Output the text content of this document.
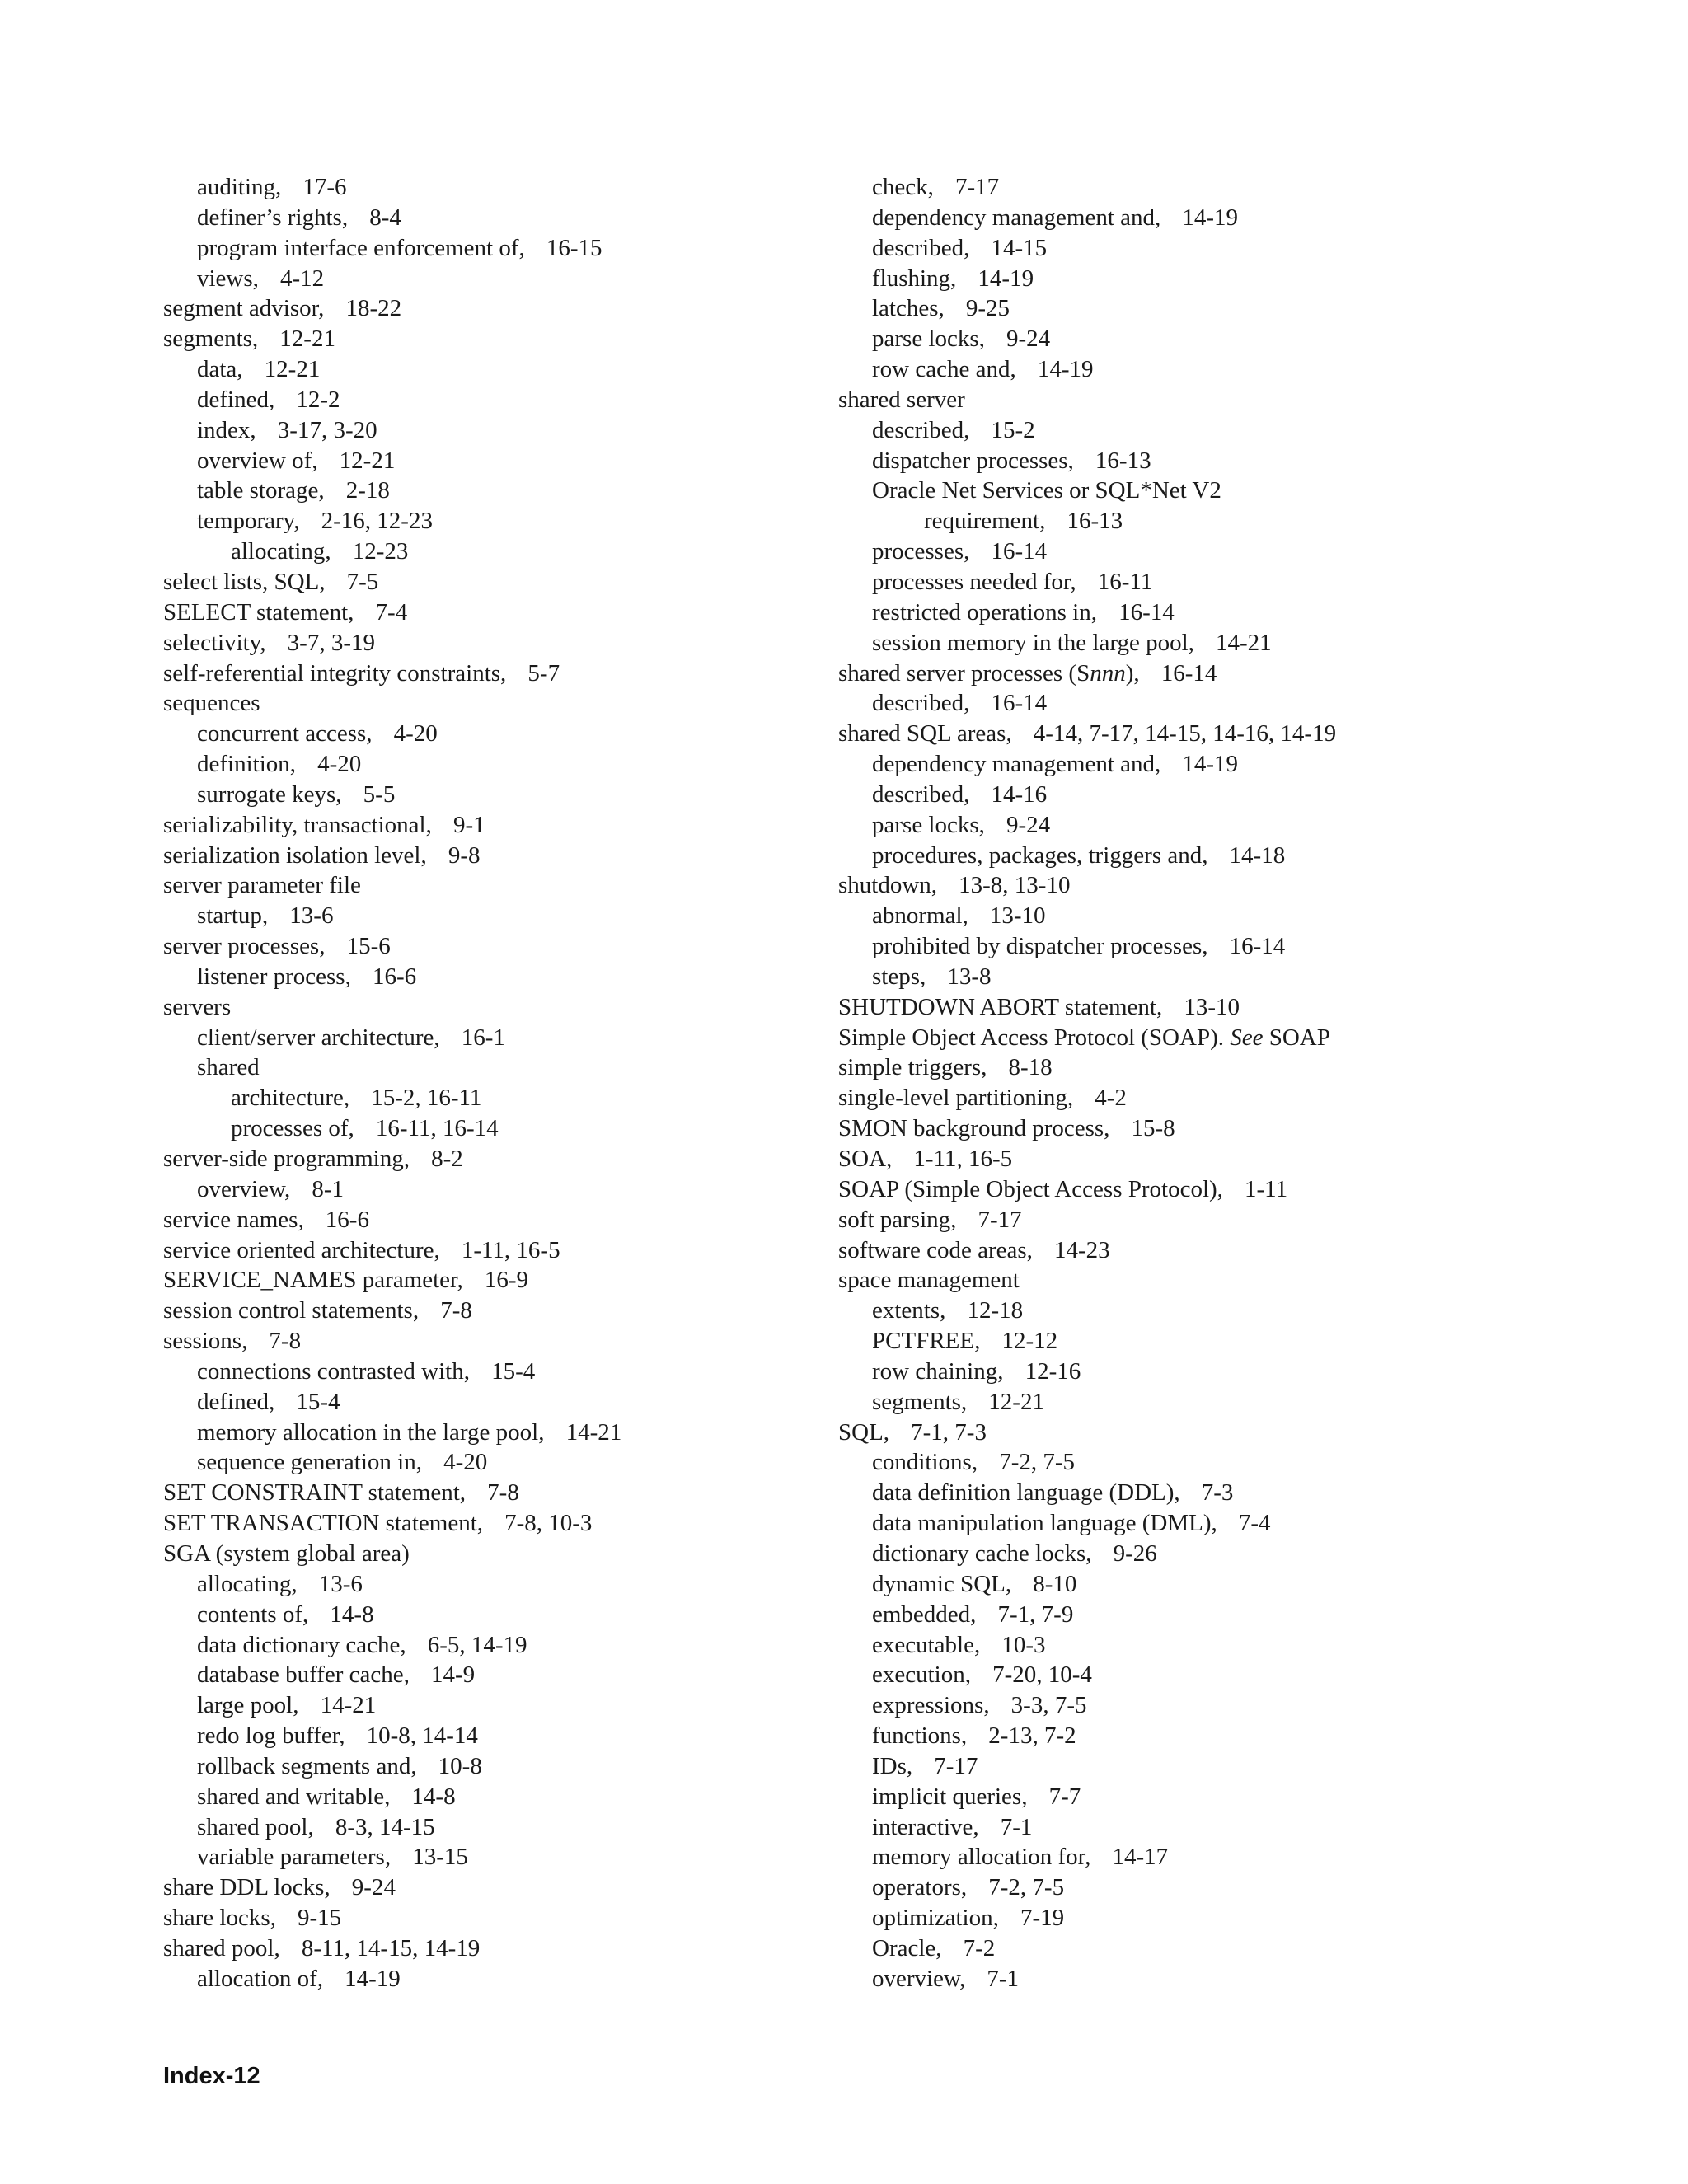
auditing, 17-6
definer’s rights, 8-4
program interface enforcement of, 16-15
views, 4-12
segment advisor, 18-22
segments, 12-21
data, 12-21
defined, 12-2
index, 3-17, 3-20
overview of, 12-21
table storage, 2-18
temporary, 2-16, 12-23
allocating, 12-23
select lists, SQL, 7-5
SELECT statement, 7-4
selectivity, 3-7, 3-19
self-referential integrity constraints, 5-7
sequences
concurrent access, 4-20
definition, 4-20
surrogate keys, 5-5
serializability, transactional, 9-1
serialization isolation level, 9-8
server parameter file
startup, 13-6
server processes, 15-6
listener process, 16-6
servers
client/server architecture, 16-1
shared
architecture, 15-2, 16-11
processes of, 16-11, 16-14
server-side programming, 8-2
overview, 8-1
service names, 16-6
service oriented architecture, 1-11, 16-5
SERVICE_NAMES parameter, 16-9
session control statements, 7-8
sessions, 7-8
connections contrasted with, 15-4
defined, 15-4
memory allocation in the large pool, 14-21
sequence generation in, 4-20
SET CONSTRAINT statement, 7-8
SET TRANSACTION statement, 7-8, 10-3
SGA (system global area)
allocating, 13-6
contents of, 14-8
data dictionary cache, 6-5, 14-19
database buffer cache, 14-9
large pool, 14-21
redo log buffer, 10-8, 14-14
rollback segments and, 10-8
shared and writable, 14-8
shared pool, 8-3, 14-15
variable parameters, 13-15
share DDL locks, 9-24
share locks, 9-15
shared pool, 8-11, 14-15, 14-19
allocation of, 14-19
check, 7-17
dependency management and, 14-19
described, 14-15
flushing, 14-19
latches, 9-25
parse locks, 9-24
row cache and, 14-19
shared server
described, 15-2
dispatcher processes, 16-13
Oracle Net Services or SQL*Net V2
requirement, 16-13
processes, 16-14
processes needed for, 16-11
restricted operations in, 16-14
session memory in the large pool, 14-21
shared server processes (Snnn), 16-14
described, 16-14
shared SQL areas, 4-14, 7-17, 14-15, 14-16, 14-19
dependency management and, 14-19
described, 14-16
parse locks, 9-24
procedures, packages, triggers and, 14-18
shutdown, 13-8, 13-10
abnormal, 13-10
prohibited by dispatcher processes, 16-14
steps, 13-8
SHUTDOWN ABORT statement, 13-10
Simple Object Access Protocol (SOAP). See SOAP
simple triggers, 8-18
single-level partitioning, 4-2
SMON background process, 15-8
SOA, 1-11, 16-5
SOAP (Simple Object Access Protocol), 1-11
soft parsing, 7-17
software code areas, 14-23
space management
extents, 12-18
PCTFREE, 12-12
row chaining, 12-16
segments, 12-21
SQL, 7-1, 7-3
conditions, 7-2, 7-5
data definition language (DDL), 7-3
data manipulation language (DML), 7-4
dictionary cache locks, 9-26
dynamic SQL, 8-10
embedded, 7-1, 7-9
executable, 10-3
execution, 7-20, 10-4
expressions, 3-3, 7-5
functions, 2-13, 7-2
IDs, 7-17
implicit queries, 7-7
interactive, 7-1
memory allocation for, 14-17
operators, 7-2, 7-5
optimization, 7-19
Oracle, 7-2
overview, 7-1
Index-12
